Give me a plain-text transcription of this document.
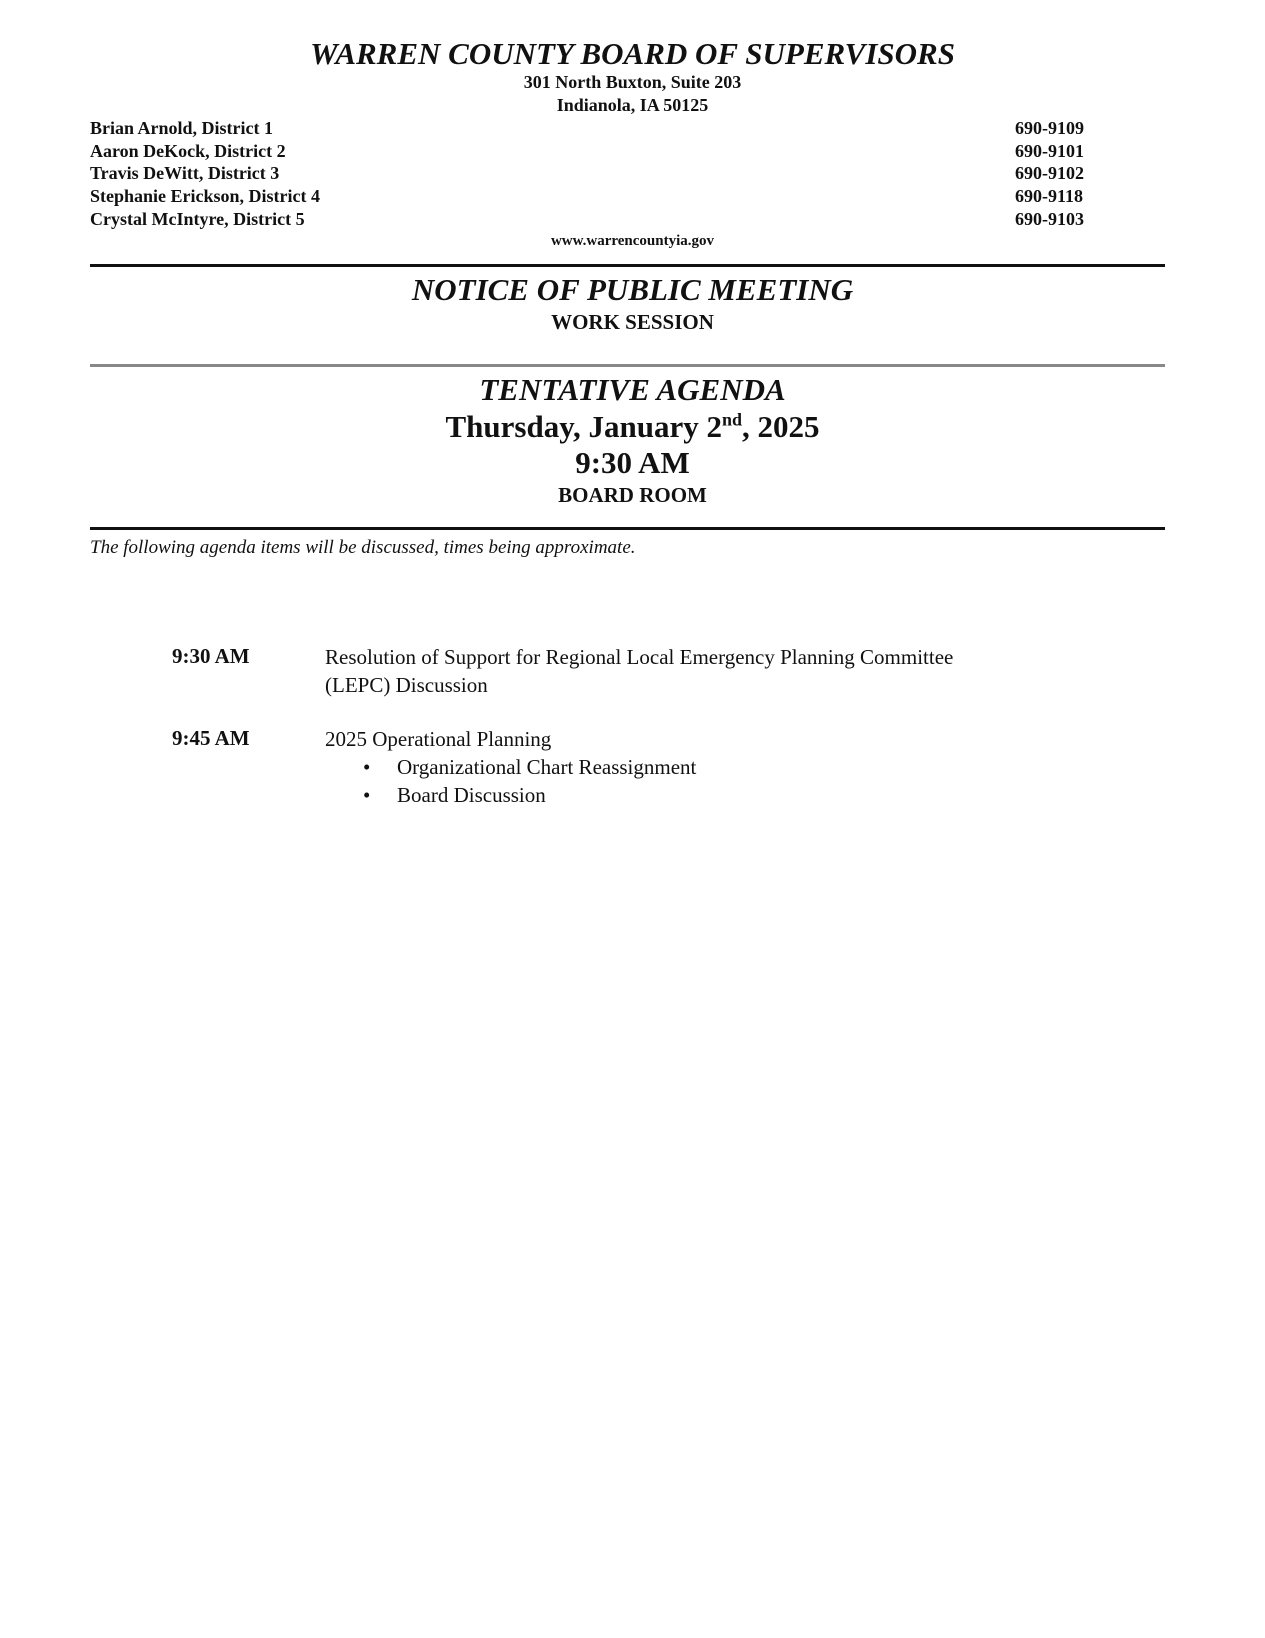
WARREN COUNTY BOARD OF SUPERVISORS
301 North Buxton, Suite 203
Indianola, IA 50125
Brian Arnold, District 1	690-9109
Aaron DeKock, District 2	690-9101
Travis DeWitt, District 3	690-9102
Stephanie Erickson, District 4	690-9118
Crystal McIntyre, District 5	690-9103
www.warrencountyia.gov
NOTICE OF PUBLIC MEETING
WORK SESSION
TENTATIVE AGENDA
Thursday, January 2nd, 2025
9:30 AM
BOARD ROOM
The following agenda items will be discussed, times being approximate.
9:30 AM	Resolution of Support for Regional Local Emergency Planning Committee
(LEPC) Discussion
9:45 AM	2025 Operational Planning
• Organizational Chart Reassignment
• Board Discussion
